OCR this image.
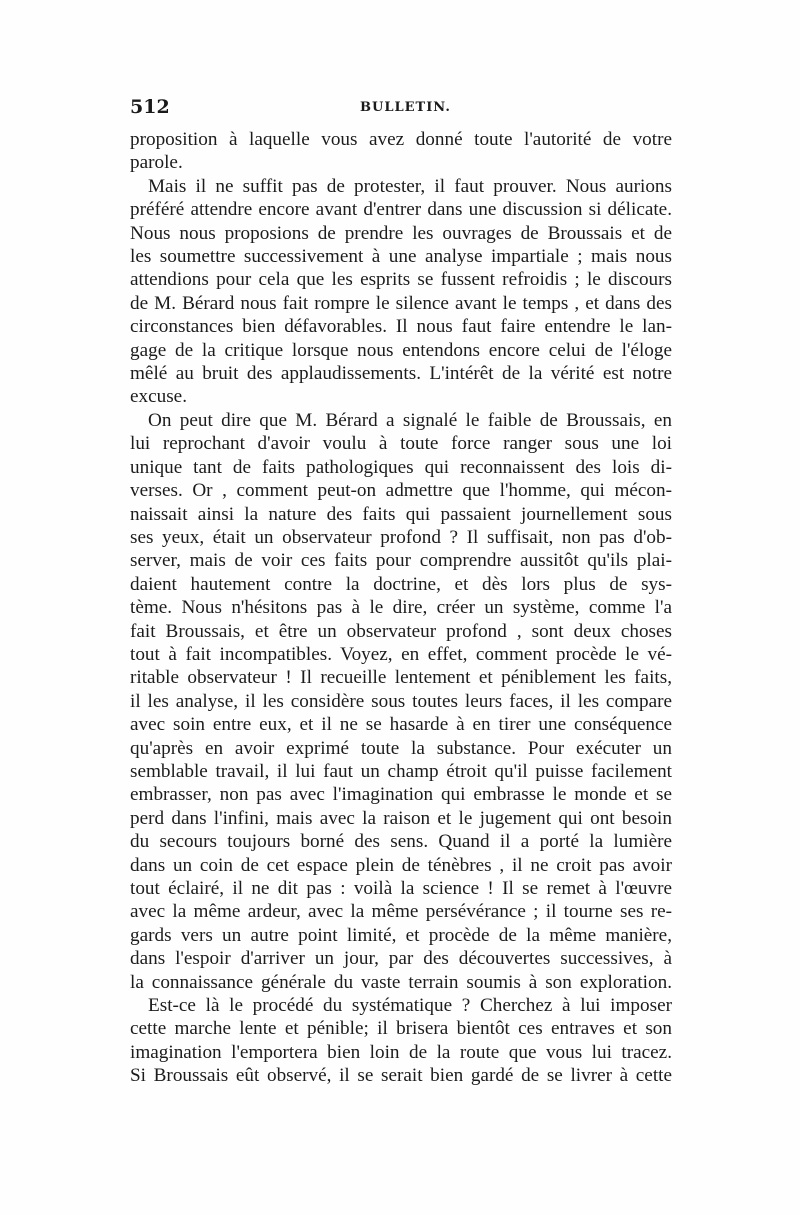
512	BULLETIN.
proposition à laquelle vous avez donné toute l'autorité de votre
parole.
Mais il ne suffit pas de protester, il faut prouver. Nous aurions
préféré attendre encore avant d'entrer dans une discussion si délicate.
Nous nous proposions de prendre les ouvrages de Broussais et de
les soumettre successivement à une analyse impartiale ; mais nous
attendions pour cela que les esprits se fussent refroidis ; le discours
de M. Bérard nous fait rompre le silence avant le temps , et dans des
circonstances bien défavorables. Il nous faut faire entendre le lan-
gage de la critique lorsque nous entendons encore celui de l'éloge
mêlé au bruit des applaudissements. L'intérêt de la vérité est notre
excuse.
On peut dire que M. Bérard a signalé le faible de Broussais, en
lui reprochant d'avoir voulu à toute force ranger sous une loi
unique tant de faits pathologiques qui reconnaissent des lois di-
verses. Or , comment peut-on admettre que l'homme, qui mécon-
naissait ainsi la nature des faits qui passaient journellement sous
ses yeux, était un observateur profond ? Il suffisait, non pas d'ob-
server, mais de voir ces faits pour comprendre aussitôt qu'ils plai-
daient hautement contre la doctrine, et dès lors plus de sys-
tème. Nous n'hésitons pas à le dire, créer un système, comme l'a
fait Broussais, et être un observateur profond , sont deux choses
tout à fait incompatibles. Voyez, en effet, comment procède le vé-
ritable observateur ! Il recueille lentement et péniblement les faits,
il les analyse, il les considère sous toutes leurs faces, il les compare
avec soin entre eux, et il ne se hasarde à en tirer une conséquence
qu'après en avoir exprimé toute la substance. Pour exécuter un
semblable travail, il lui faut un champ étroit qu'il puisse facilement
embrasser, non pas avec l'imagination qui embrasse le monde et se
perd dans l'infini, mais avec la raison et le jugement qui ont besoin
du secours toujours borné des sens. Quand il a porté la lumière
dans un coin de cet espace plein de ténèbres , il ne croit pas avoir
tout éclairé, il ne dit pas : voilà la science ! Il se remet à l'œuvre
avec la même ardeur, avec la même persévérance ; il tourne ses re-
gards vers un autre point limité, et procède de la même manière,
dans l'espoir d'arriver un jour, par des découvertes successives, à
la connaissance générale du vaste terrain soumis à son exploration.
Est-ce là le procédé du systématique ? Cherchez à lui imposer
cette marche lente et pénible; il brisera bientôt ces entraves et son
imagination l'emportera bien loin de la route que vous lui tracez.
Si Broussais eût observé, il se serait bien gardé de se livrer à cette
